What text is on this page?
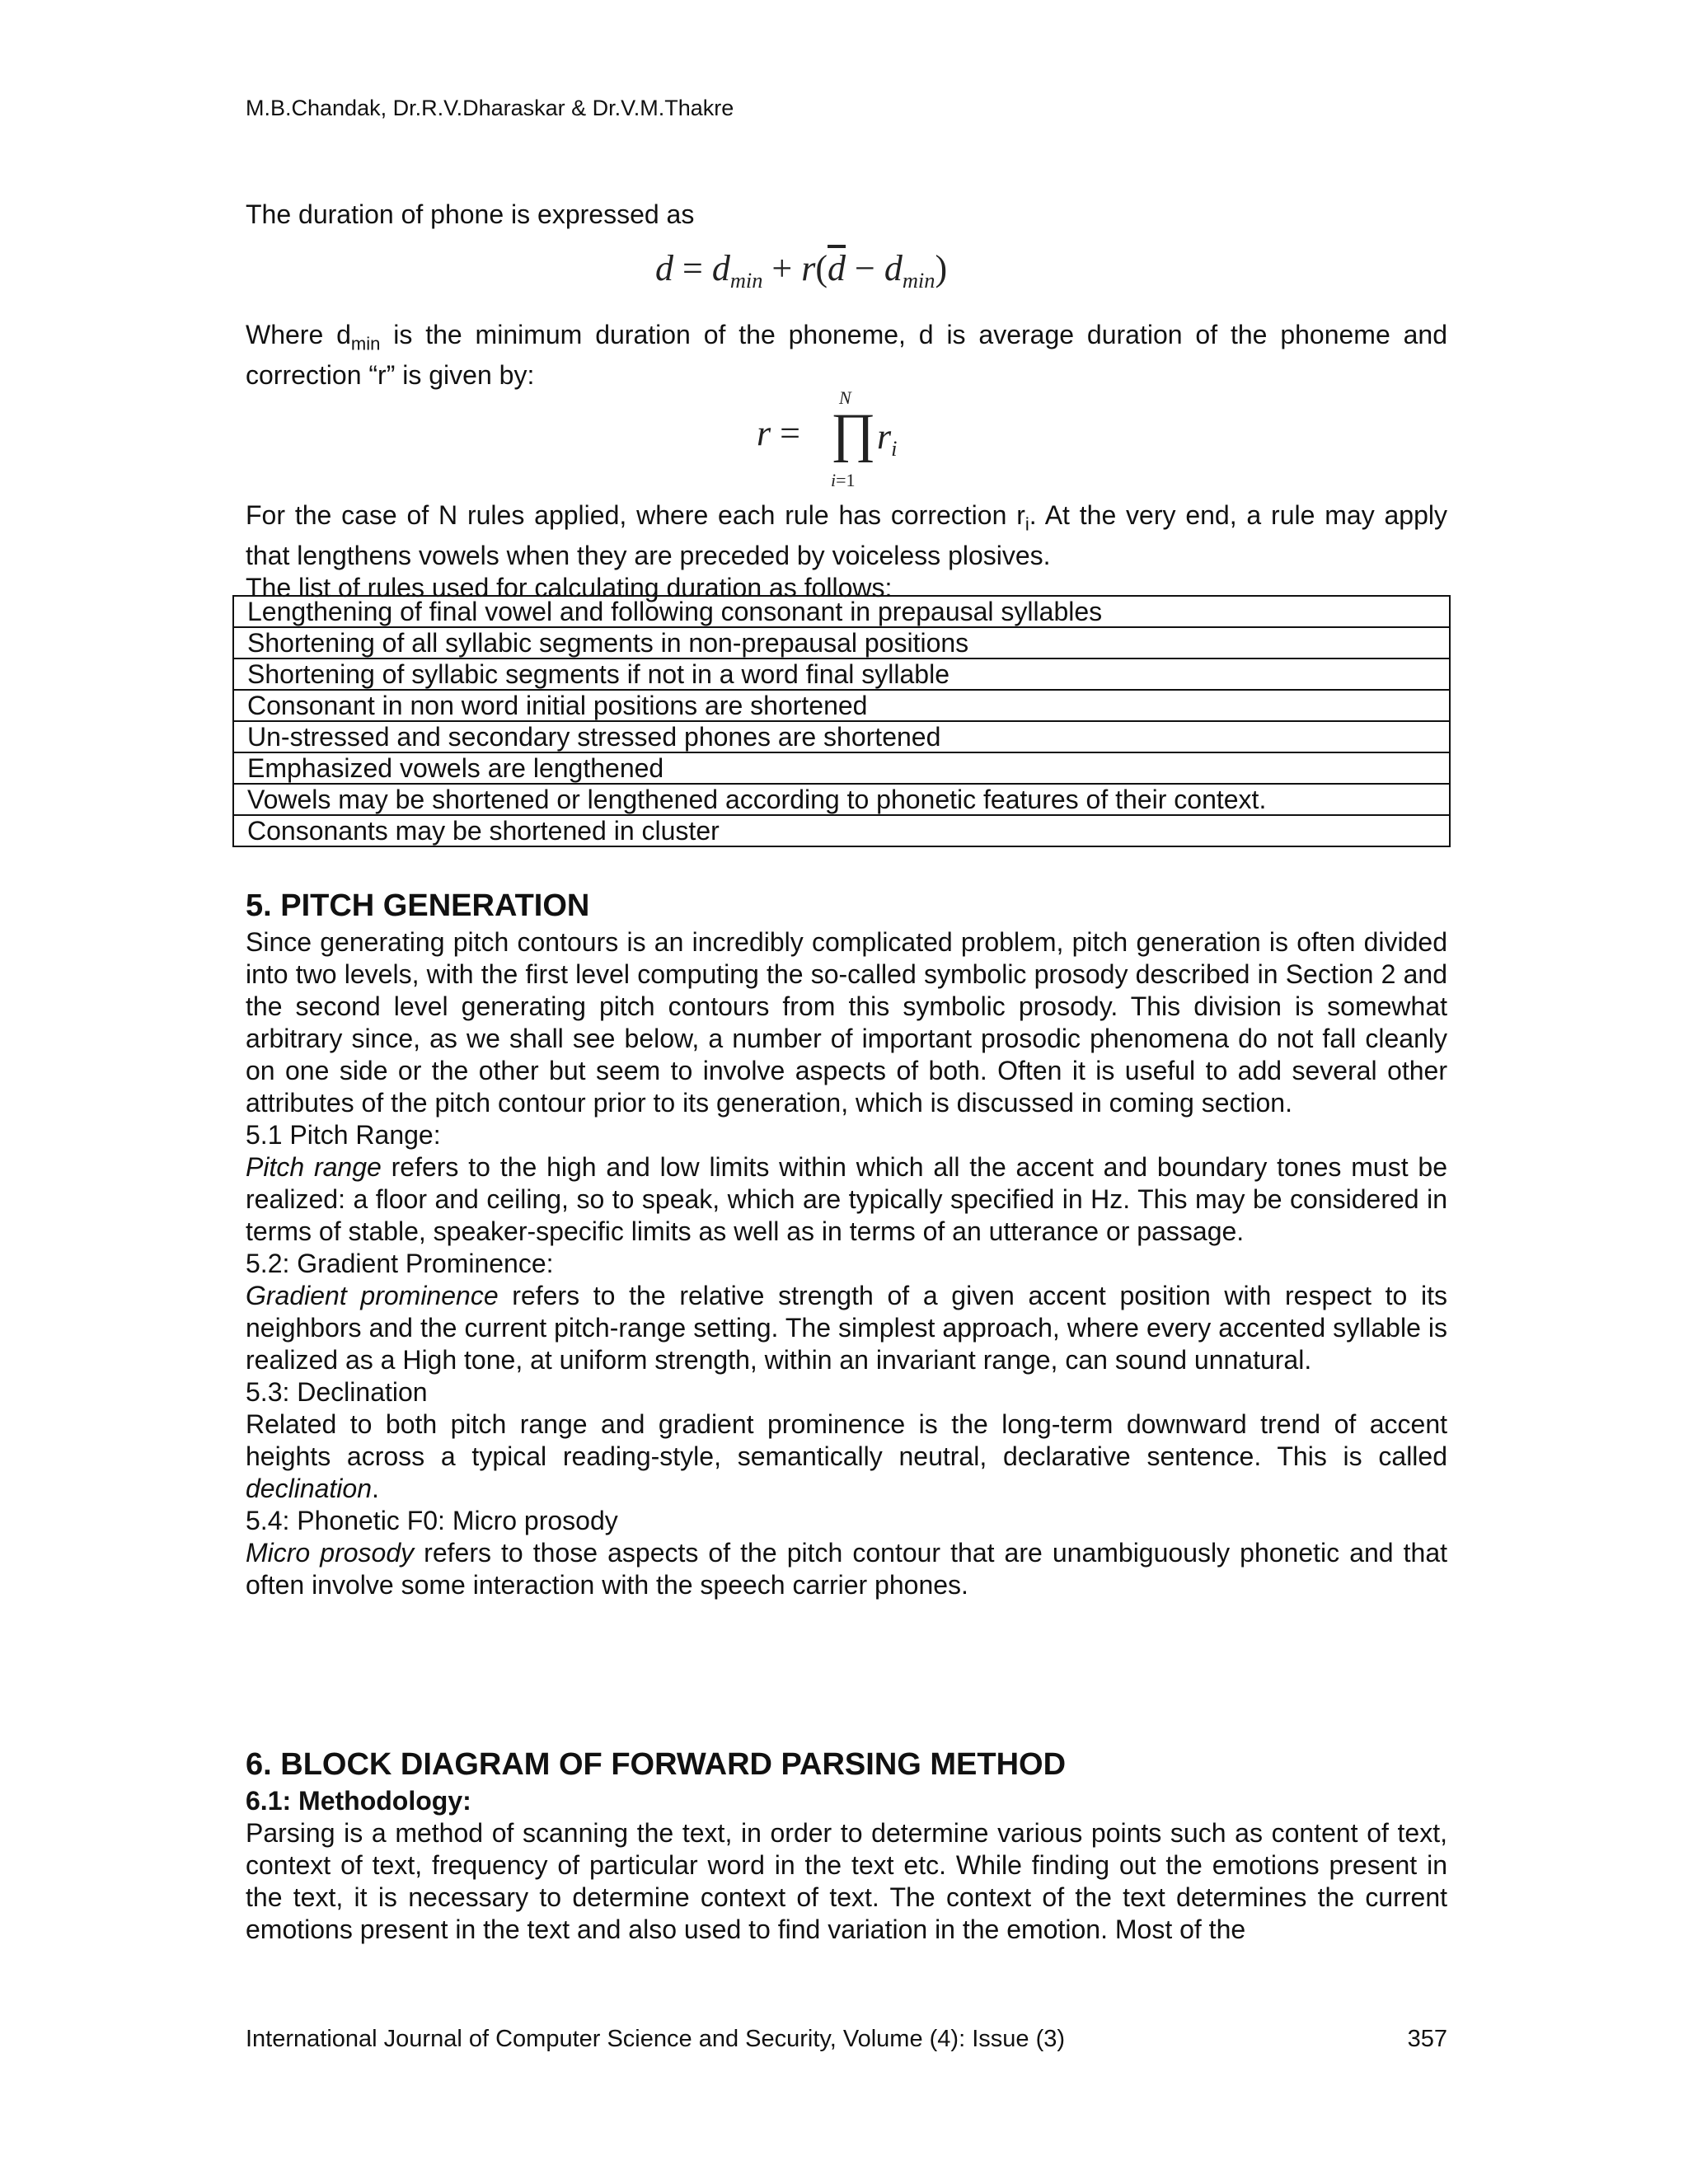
M.B.Chandak, Dr.R.V.Dharaskar & Dr.V.M.Thakre

The duration of phone is expressed as

$d = d_{min} + r(\overline{d} - d_{min})$

Where $d_{min}$ is the minimum duration of the phoneme, d is average duration of the phoneme and correction “r” is given by:

N
r = ∏ $r_i$
i=1

For the case of N rules applied, where each rule has correction $r_i$. At the very end, a rule may apply that lengthens vowels when they are preceded by voiceless plosives.
The list of rules used for calculating duration as follows:

Lengthening of final vowel and following consonant in prepausal syllables
Shortening of all syllabic segments in non-prepausal positions
Shortening of syllabic segments if not in a word final syllable
Consonant in non word initial positions are shortened
Un-stressed and secondary stressed phones are shortened
Emphasized vowels are lengthened
Vowels may be shortened or lengthened according to phonetic features of their context.
Consonants may be shortened in cluster
5. PITCH GENERATION

Since generating pitch contours is an incredibly complicated problem, pitch generation is often divided into two levels, with the first level computing the so-called symbolic prosody described in Section 2 and the second level generating pitch contours from this symbolic prosody. This division is somewhat arbitrary since, as we shall see below, a number of important prosodic phenomena do not fall cleanly on one side or the other but seem to involve aspects of both. Often it is useful to add several other attributes of the pitch contour prior to its generation, which is discussed in coming section.

5.1 Pitch Range:

Pitch range refers to the high and low limits within which all the accent and boundary tones must be realized: a floor and ceiling, so to speak, which are typically specified in Hz. This may be considered in terms of stable, speaker-specific limits as well as in terms of an utterance or passage.

5.2: Gradient Prominence:

Gradient prominence refers to the relative strength of a given accent position with respect to its neighbors and the current pitch-range setting. The simplest approach, where every accented syllable is realized as a High tone, at uniform strength, within an invariant range, can sound unnatural.

5.3: Declination

Related to both pitch range and gradient prominence is the long-term downward trend of accent heights across a typical reading-style, semantically neutral, declarative sentence. This is called declination.

5.4: Phonetic F0: Micro prosody

Micro prosody refers to those aspects of the pitch contour that are unambiguously phonetic and that often involve some interaction with the speech carrier phones.

6. BLOCK DIAGRAM OF FORWARD PARSING METHOD

6.1: Methodology:

Parsing is a method of scanning the text, in order to determine various points such as content of text, context of text, frequency of particular word in the text etc. While finding out the emotions present in the text, it is necessary to determine context of text. The context of the text determines the current emotions present in the text and also used to find variation in the emotion. Most of the

International Journal of Computer Science and Security, Volume (4): Issue (3)	357
